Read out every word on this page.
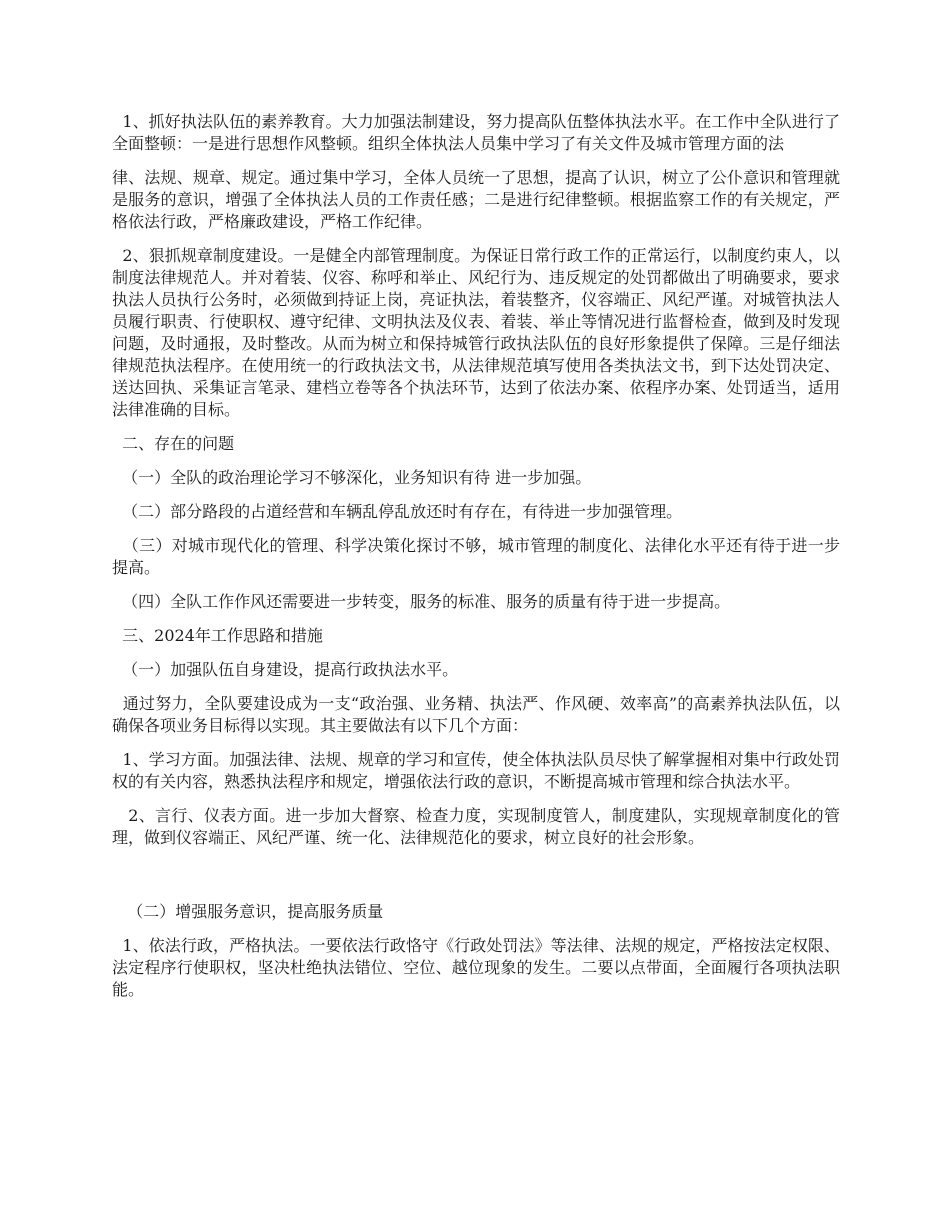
1、抓好执法队伍的素养教育。大力加强法制建设，努力提高队伍整体执法水平。在工作中全队进行了全面整顿：一是进行思想作风整顿。组织全体执法人员集中学习了有关文件及城市管理方面的法

律、法规、规章、规定。通过集中学习，全体人员统一了思想，提高了认识，树立了公仆意识和管理就是服务的意识，增强了全体执法人员的工作责任感；二是进行纪律整顿。根据监察工作的有关规定，严格依法行政，严格廉政建设，严格工作纪律。

2、狠抓规章制度建设。一是健全内部管理制度。为保证日常行政工作的正常运行，以制度约束人，以制度法律规范人。并对着装、仪容、称呼和举止、风纪行为、违反规定的处罚都做出了明确要求，要求执法人员执行公务时，必须做到持证上岗，亮证执法，着装整齐，仪容端正、风纪严谨。对城管执法人员履行职责、行使职权、遵守纪律、文明执法及仪表、着装、举止等情况进行监督检查，做到及时发现问题，及时通报，及时整改。从而为树立和保持城管行政执法队伍的良好形象提供了保障。三是仔细法律规范执法程序。在使用统一的行政执法文书，从法律规范填写使用各类执法文书，到下达处罚决定、送达回执、采集证言笔录、建档立卷等各个执法环节，达到了依法办案、依程序办案、处罚适当，适用法律准确的目标。

二、存在的问题

（一）全队的政治理论学习不够深化，业务知识有待 进一步加强。

（二）部分路段的占道经营和车辆乱停乱放还时有存在，有待进一步加强管理。

（三）对城市现代化的管理、科学决策化探讨不够，城市管理的制度化、法律化水平还有待于进一步提高。

（四）全队工作作风还需要进一步转变，服务的标准、服务的质量有待于进一步提高。

三、2024年工作思路和措施

（一）加强队伍自身建设，提高行政执法水平。

通过努力，全队要建设成为一支“政治强、业务精、执法严、作风硬、效率高”的高素养执法队伍，以确保各项业务目标得以实现。其主要做法有以下几个方面：

1、学习方面。加强法律、法规、规章的学习和宣传，使全体执法队员尽快了解掌握相对集中行政处罚权的有关内容，熟悉执法程序和规定，增强依法行政的意识，不断提高城市管理和综合执法水平。

2、言行、仪表方面。进一步加大督察、检查力度，实现制度管人，制度建队，实现规章制度化的管理，做到仪容端正、风纪严谨、统一化、法律规范化的要求，树立良好的社会形象。

（二）增强服务意识，提高服务质量

1、依法行政，严格执法。一要依法行政恪守《行政处罚法》等法律、法规的规定，严格按法定权限、法定程序行使职权，坚决杜绝执法错位、空位、越位现象的发生。二要以点带面，全面履行各项执法职能。
